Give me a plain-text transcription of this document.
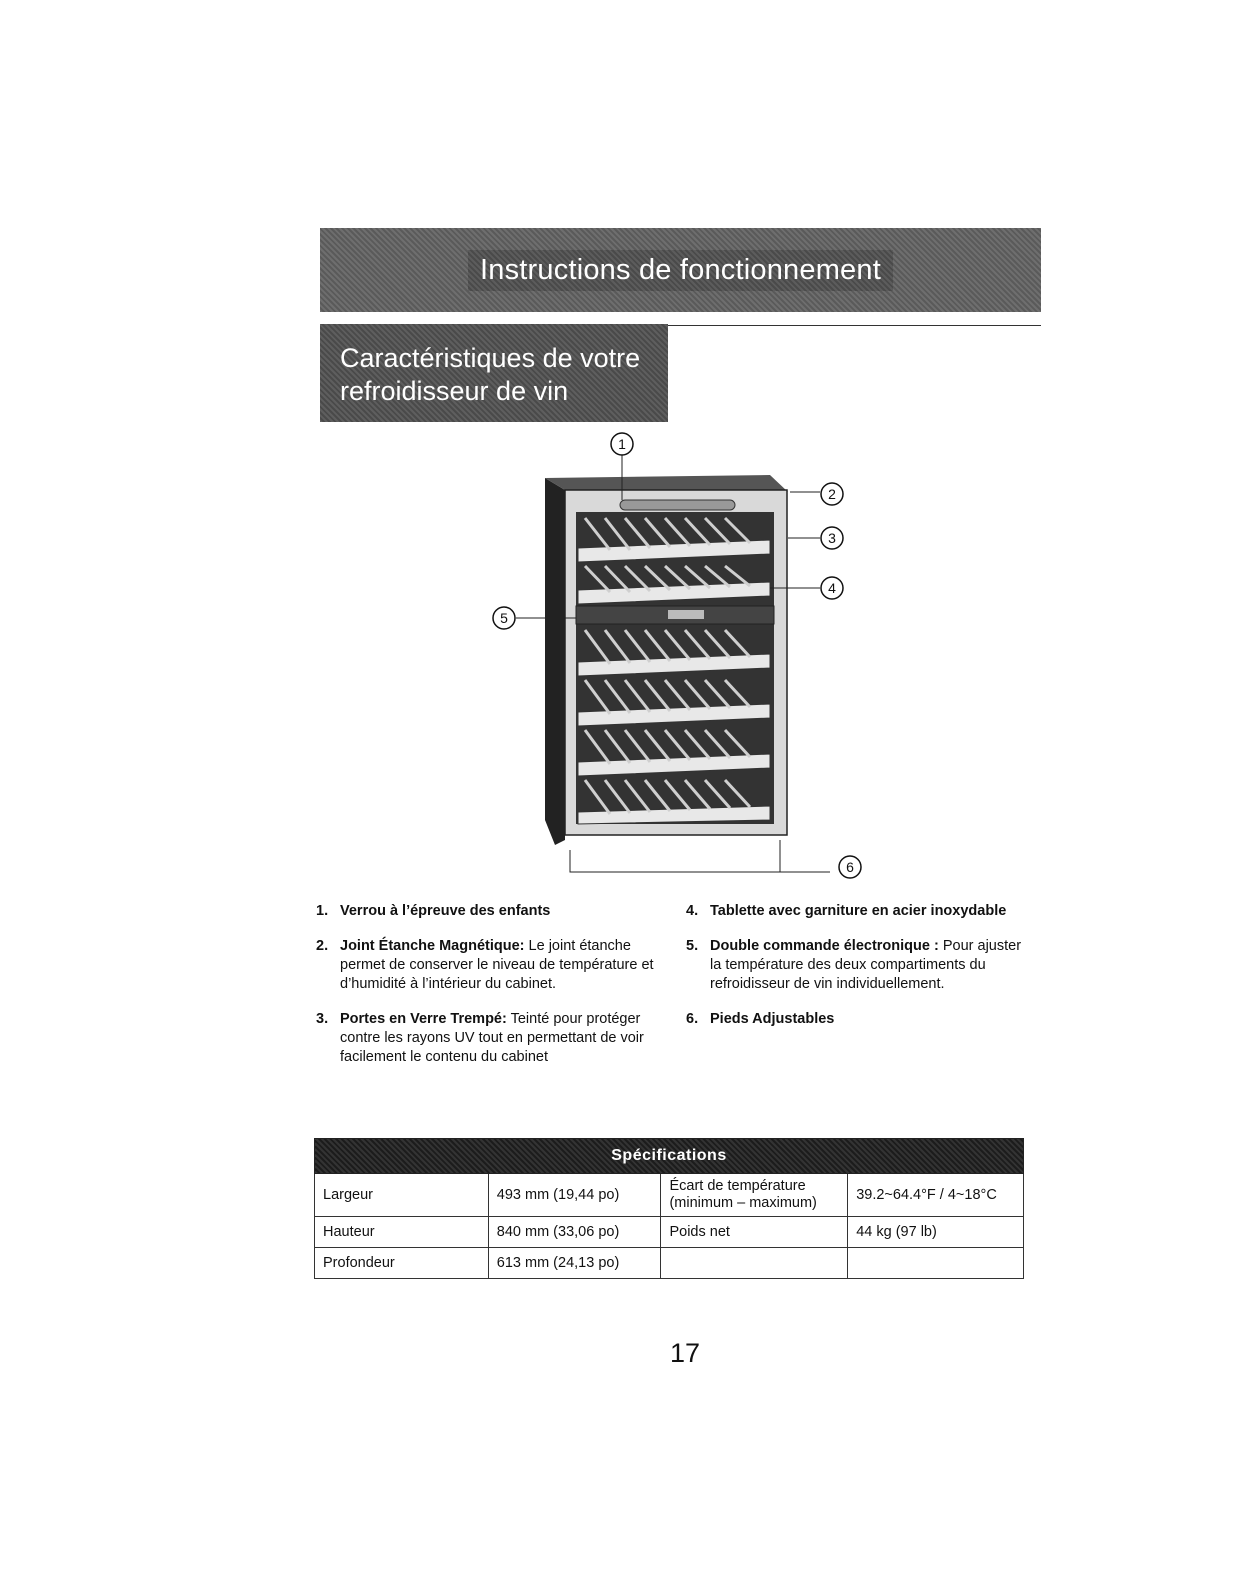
Instructions de fonctionnement
Caractéristiques de votre
refroidisseur de vin
1
2
3
4
5
6
1. Verrou à l’épreuve des enfants
2. Joint Étanche Magnétique: Le joint étanche permet de conserver le niveau de température et d’humidité à l’intérieur du cabinet.
3. Portes en Verre Trempé: Teinté pour protéger contre les rayons UV tout en permettant de voir facilement le contenu du cabinet
4. Tablette avec garniture en acier inoxydable
5. Double commande électronique : Pour ajuster la température des deux compartiments du refroidisseur de vin individuellement.
6. Pieds Adjustables
Spécifications			
Largeur	493 mm (19,44 po)	Écart de température (minimum – maximum)	39.2~64.4°F / 4~18°C
Hauteur	840 mm (33,06 po)	Poids net	44 kg (97 lb)
Profondeur	613 mm (24,13 po)		
17
